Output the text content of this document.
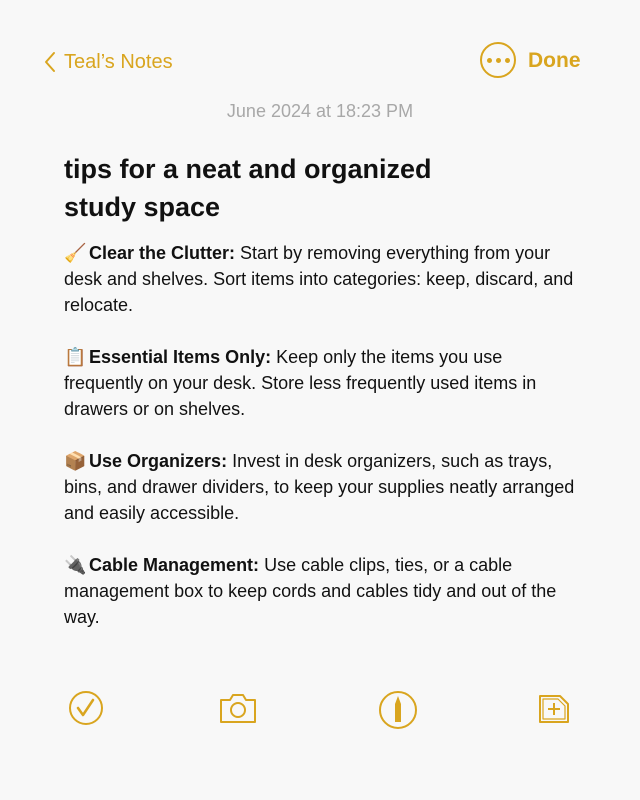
Teal’s Notes	Done
June 2024 at 18:23 PM
tips for a neat and organized study space

🧹 Clear the Clutter: Start by removing everything from your desk and shelves. Sort items into categories: keep, discard, and relocate.

📋 Essential Items Only: Keep only the items you use frequently on your desk. Store less frequently used items in drawers or on shelves.

📦 Use Organizers: Invest in desk organizers, such as trays, bins, and drawer dividers, to keep your supplies neatly arranged and easily accessible.

🔌 Cable Management: Use cable clips, ties, or a cable management box to keep cords and cables tidy and out of the way.
